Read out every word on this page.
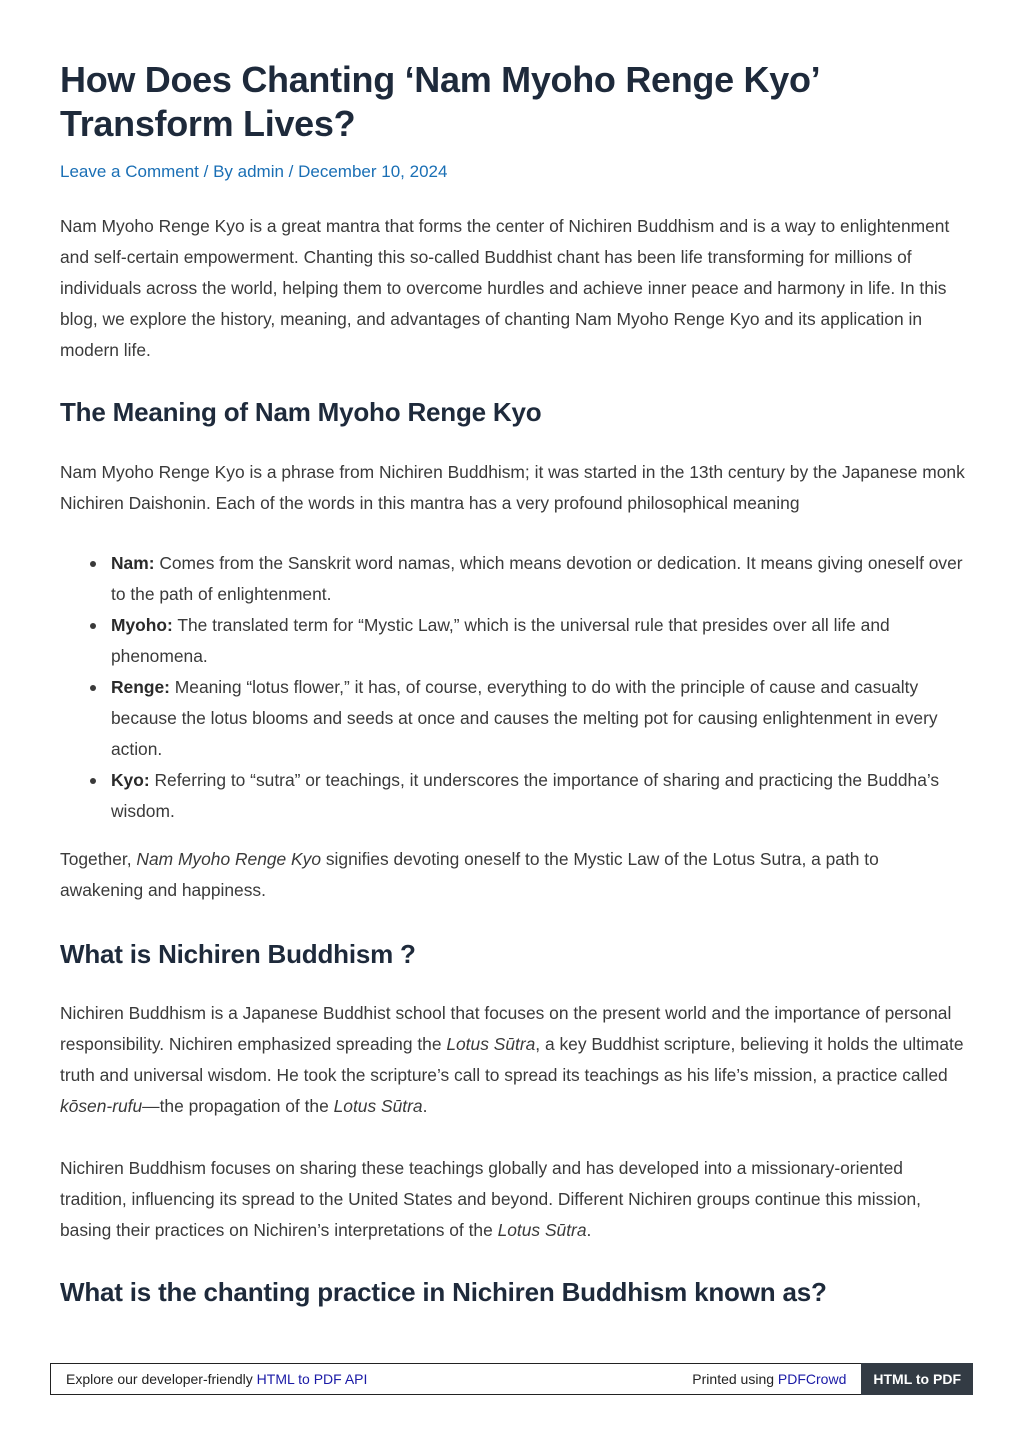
How Does Chanting ‘Nam Myoho Renge Kyo’ Transform Lives?
Leave a Comment / By admin / December 10, 2024

Nam Myoho Renge Kyo is a great mantra that forms the center of Nichiren Buddhism and is a way to enlightenment and self-certain empowerment. Chanting this so-called Buddhist chant has been life transforming for millions of individuals across the world, helping them to overcome hurdles and achieve inner peace and harmony in life. In this blog, we explore the history, meaning, and advantages of chanting Nam Myoho Renge Kyo and its application in modern life.

The Meaning of Nam Myoho Renge Kyo

Nam Myoho Renge Kyo is a phrase from Nichiren Buddhism; it was started in the 13th century by the Japanese monk Nichiren Daishonin. Each of the words in this mantra has a very profound philosophical meaning

Nam: Comes from the Sanskrit word namas, which means devotion or dedication. It means giving oneself over to the path of enlightenment.
Myoho: The translated term for “Mystic Law,” which is the universal rule that presides over all life and phenomena.
Renge: Meaning “lotus flower,” it has, of course, everything to do with the principle of cause and casualty because the lotus blooms and seeds at once and causes the melting pot for causing enlightenment in every action.
Kyo: Referring to “sutra” or teachings, it underscores the importance of sharing and practicing the Buddha’s wisdom.

Together, Nam Myoho Renge Kyo signifies devoting oneself to the Mystic Law of the Lotus Sutra, a path to awakening and happiness.

What is Nichiren Buddhism ?

Nichiren Buddhism is a Japanese Buddhist school that focuses on the present world and the importance of personal responsibility. Nichiren emphasized spreading the Lotus Sūtra, a key Buddhist scripture, believing it holds the ultimate truth and universal wisdom. He took the scripture’s call to spread its teachings as his life’s mission, a practice called kōsen-rufu—the propagation of the Lotus Sūtra.

Nichiren Buddhism focuses on sharing these teachings globally and has developed into a missionary-oriented tradition, influencing its spread to the United States and beyond. Different Nichiren groups continue this mission, basing their practices on Nichiren’s interpretations of the Lotus Sūtra.

What is the chanting practice in Nichiren Buddhism known as?
Explore our developer-friendly HTML to PDF API	Printed using PDFCrowd	HTML to PDF
